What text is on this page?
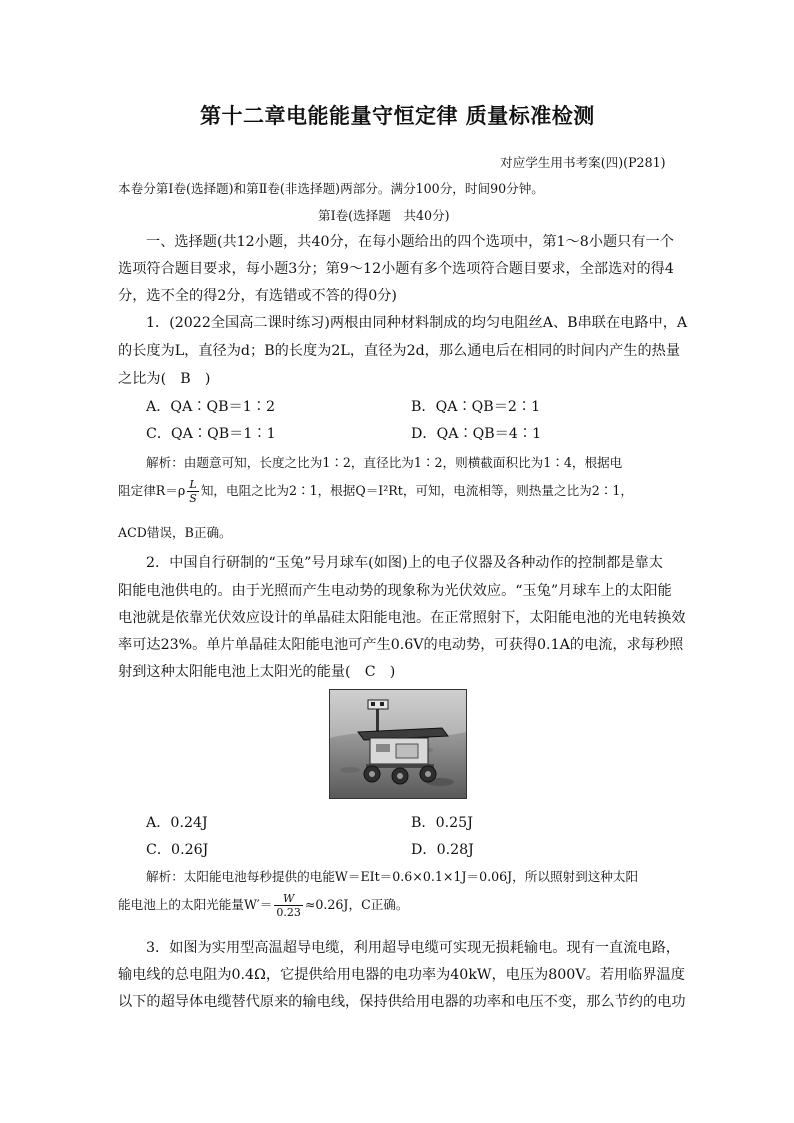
第十二章电能能量守恒定律 质量标准检测
对应学生用书考案(四)(P281)
本卷分第Ⅰ卷(选择题)和第Ⅱ卷(非选择题)两部分。满分100分，时间90分钟。
第Ⅰ卷(选择题　共40分)
一、选择题(共12小题，共40分，在每小题给出的四个选项中，第1～8小题只有一个
选项符合题目要求，每小题3分；第9～12小题有多个选项符合题目要求，全部选对的得4
分，选不全的得2分，有选错或不答的得0分)
1．(2022全国高二课时练习)两根由同种材料制成的均匀电阻丝A、B串联在电路中，A
的长度为L，直径为d；B的长度为2L，直径为2d，那么通电后在相同的时间内产生的热量
之比为(　B　)
A．QA∶QB＝1∶2	B．QA∶QB＝2∶1
C．QA∶QB＝1∶1	D．QA∶QB＝4∶1
解析：由题意可知，长度之比为1∶2，直径比为1∶2，则横截面积比为1∶4，根据电
阻定律$R=\rho \frac{L}{S}$ 知，电阻之比为2∶1，根据Q＝I²Rt，可知，电流相等，则热量之比为2∶1，
ACD错误，B正确。
2．中国自行研制的“玉兔”号月球车(如图)上的电子仪器及各种动作的控制都是靠太
阳能电池供电的。由于光照而产生电动势的现象称为光伏效应。“玉兔”月球车上的太阳能
电池就是依靠光伏效应设计的单晶硅太阳能电池。在正常照射下，太阳能电池的光电转换效
率可达23%。单片单晶硅太阳能电池可产生0.6V的电动势，可获得0.1A的电流，求每秒照
射到这种太阳能电池上太阳光的能量(　C　)
A．0.24J	B．0.25J
C．0.26J	D．0.28J
解析：太阳能电池每秒提供的电能W＝EIt＝0.6×0.1×1J＝0.06J，所以照射到这种太阳
能电池上的太阳光能量$W'= \frac{W}{0.23} \approx 0.26J$，C正确。
3．如图为实用型高温超导电缆，利用超导电缆可实现无损耗输电。现有一直流电路，
输电线的总电阻为0.4Ω，它提供给用电器的电功率为40kW，电压为800V。若用临界温度
以下的超导体电缆替代原来的输电线，保持供给用电器的功率和电压不变，那么节约的电功
